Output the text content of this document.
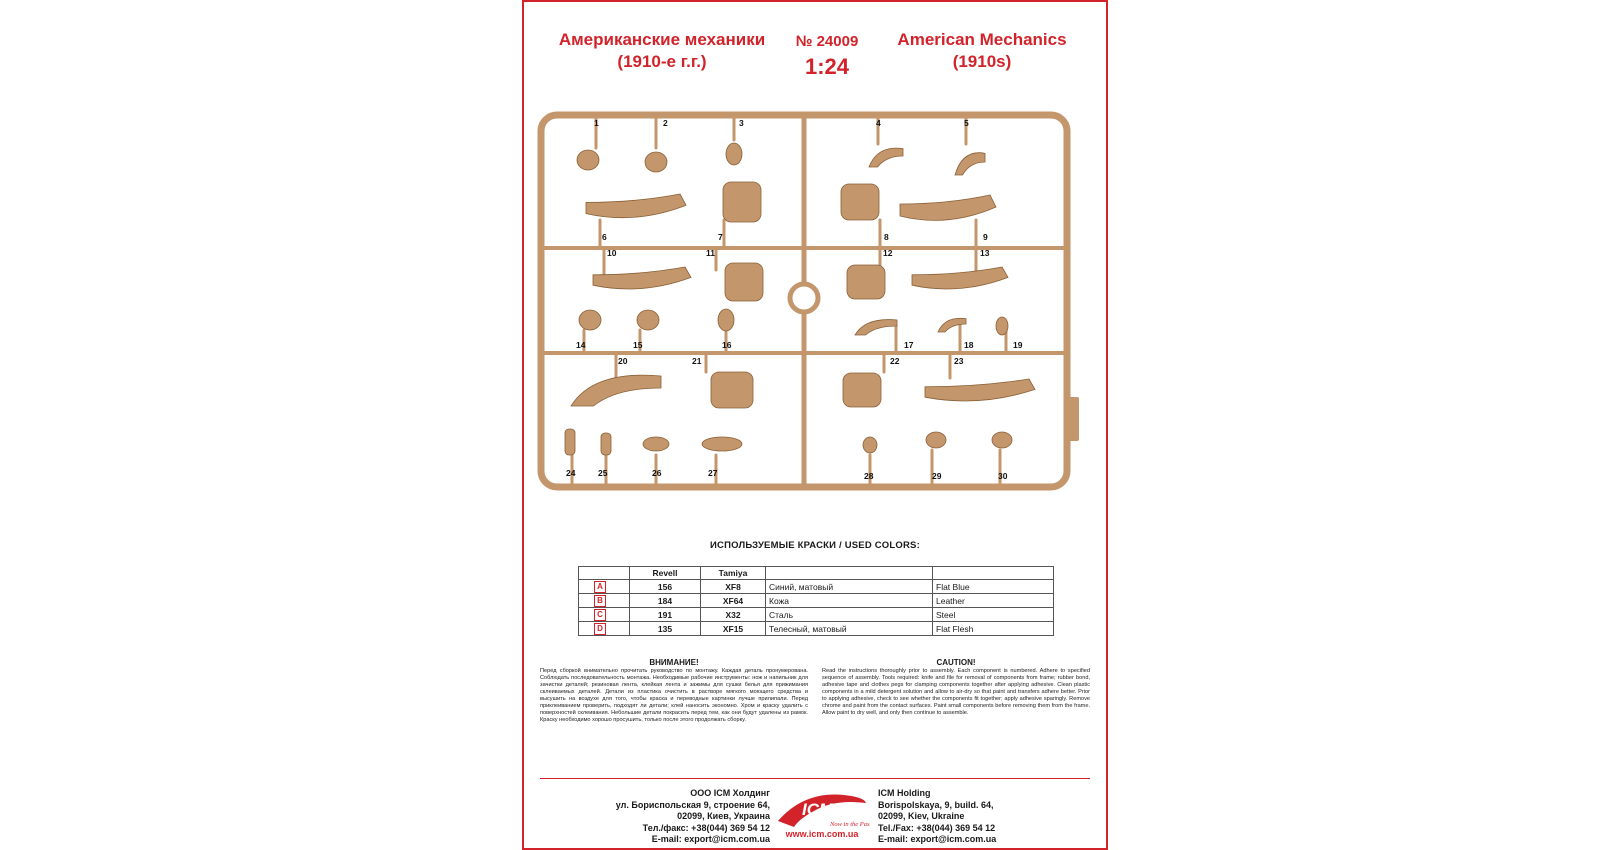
Американские механики
(1910-е г.г.)
№ 24009
1:24
American Mechanics
(1910s)
1	2	3	4	5
6	7	8	9
10	11	12	13
14	15	16	17	18	19
20	21	22	23
24	25	26	27	28	29	30
ИСПОЛЬЗУЕМЫЕ КРАСКИ / USED COLORS:
	Revell	Tamiya		
A	156	XF8	Синий, матовый	Flat Blue
B	184	XF64	Кожа	Leather
C	191	X32	Сталь	Steel
D	135	XF15	Телесный, матовый	Flat Flesh
ВНИМАНИЕ!
Перед сборкой внимательно прочитать руководство по монтажу. Каждая деталь пронумерована. Соблюдать последовательность монтажа. Необходимые рабочие инструменты: нож и напильник для зачистки деталей; резиновая лента, клейкая лента и зажимы для сушки белья для прижимания склеиваемых деталей. Детали из пластика очистить в растворе мягкого моющего средства и высушить на воздухе для того, чтобы краска и переводные картинки лучше прилипали. Перед приклеиванием проверить, подходят ли детали; клей наносить экономно. Хром и краску удалить с поверхностей склеивания. Небольшие детали покрасить перед тем, как они будут удалены из рамок. Краску необходимо хорошо просушить, только после этого продолжать сборку.
CAUTION!
Read the instructions thoroughly prior to assembly. Each component is numbered. Adhere to specified sequence of assembly. Tools required: knife and file for removal of components from frame; rubber bond, adhesive tape and clothes pegs for clamping components together after applying adhesive. Clean plastic components in a mild detergent solution and allow to air-dry so that paint and transfers adhere better. Prior to applying adhesive, check to see whether the components fit together; apply adhesive sparingly. Remove chrome and paint from the contact surfaces. Paint small components before removing them from the frame. Allow paint to dry well, and only then continue to assemble.
ООО ICM Холдинг
ул. Бориспольская 9, строение 64,
02099, Киев, Украина
Тел./факс: +38(044) 369 54 12
E-mail: export@icm.com.ua
ICM
Now in the Past
www.icm.com.ua
ICM Holding
Borispolskaya, 9, build. 64,
02099, Kiev, Ukraine
Tel./Fax: +38(044) 369 54 12
E-mail: export@icm.com.ua
